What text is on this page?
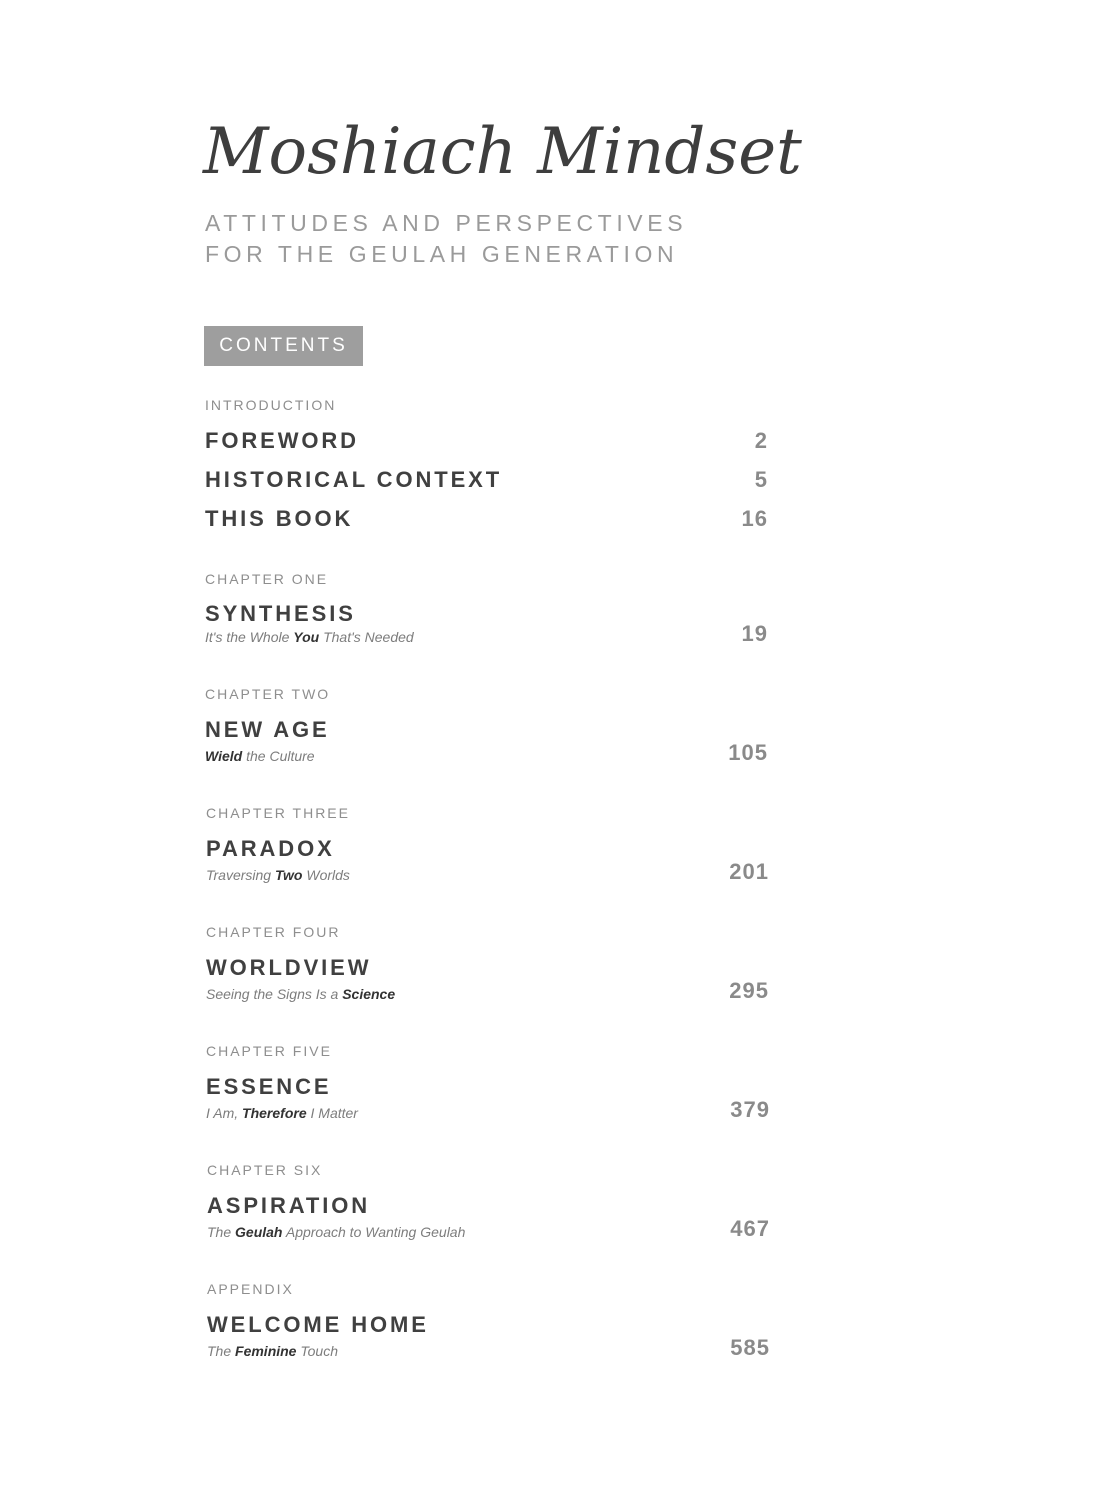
Moshiach Mindset
ATTITUDES AND PERSPECTIVES
FOR THE GEULAH GENERATION
CONTENTS
INTRODUCTION
FOREWORD	2
HISTORICAL CONTEXT	5
THIS BOOK	16
CHAPTER ONE
SYNTHESIS
It's the Whole You That's Needed	19
CHAPTER TWO
NEW AGE
Wield the Culture	105
CHAPTER THREE
PARADOX
Traversing Two Worlds	201
CHAPTER FOUR
WORLDVIEW
Seeing the Signs Is a Science	295
CHAPTER FIVE
ESSENCE
I Am, Therefore I Matter	379
CHAPTER SIX
ASPIRATION
The Geulah Approach to Wanting Geulah	467
APPENDIX
WELCOME HOME
The Feminine Touch	585
